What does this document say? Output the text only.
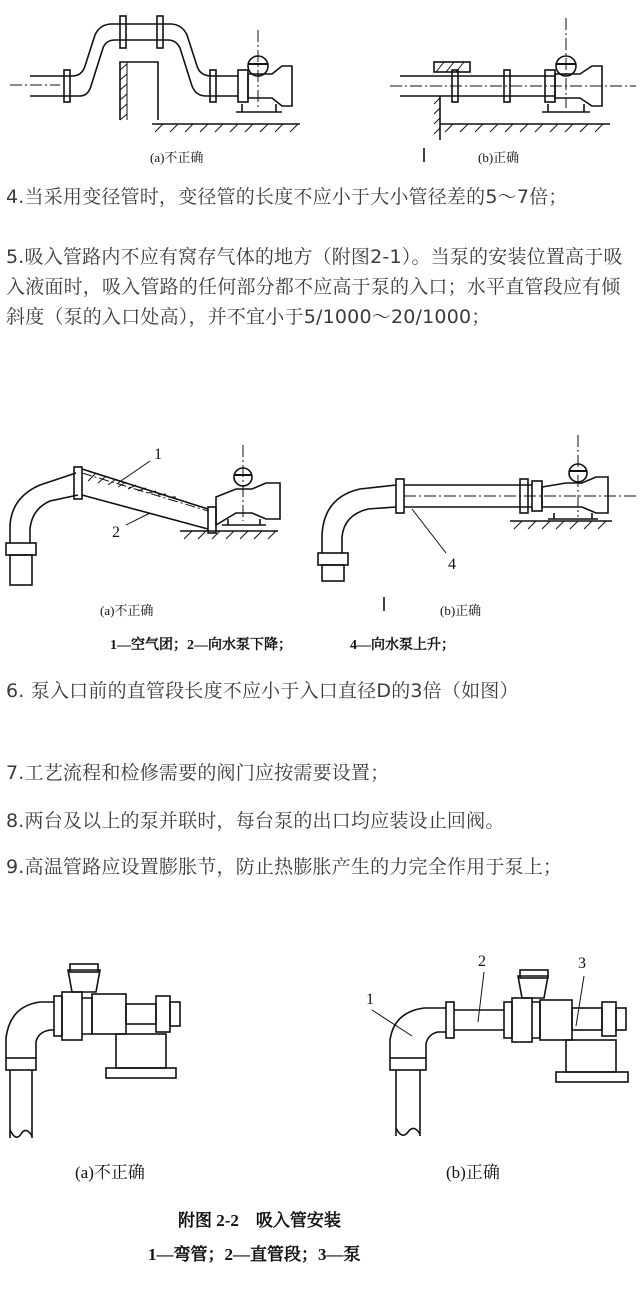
(a)不正确	(b)正确
4.当采用变径管时，变径管的长度不应小于大小管径差的5～7倍；
5.吸入管路内不应有窝存气体的地方（附图2-1）。当泵的安装位置高于吸入液面时，吸入管路的任何部分都不应高于泵的入口；水平直管段应有倾斜度（泵的入口处高），并不宜小于5/1000～20/1000；
1
2
4
(a)不正确	(b)正确
1—空气团；2—向水泵下降；	4—向水泵上升；
6. 泵入口前的直管段长度不应小于入口直径D的3倍（如图）
7.工艺流程和检修需要的阀门应按需要设置；
8.两台及以上的泵并联时，每台泵的出口均应装设止回阀。
9.高温管路应设置膨胀节，防止热膨胀产生的力完全作用于泵上；
(a)不正确
1
2	3
(b)正确
附图 2-2　吸入管安装
1—弯管；2—直管段；3—泵
